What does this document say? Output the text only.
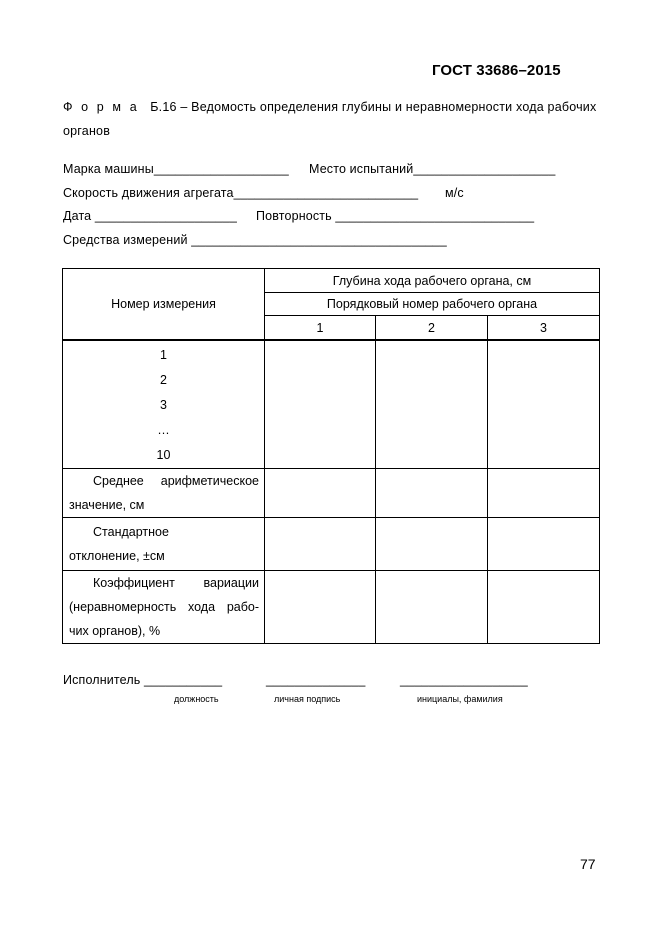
ГОСТ 33686–2015
Ф о р м а Б.16 – Ведомость определения глубины и неравномерности хода рабочих
органов
Марка машины___________________ Место испытаний____________________
Скорость движения агрегата__________________________ м/с
Дата ____________________ Повторность ____________________________
Средства измерений ____________________________________
Номер измерения	Глубина хода рабочего органа, см		
	Порядковый номер рабочего органа		
	1	2	3

1
2
3
…
10			

Среднее арифметическое
значение, см			

Стандартное
отклонение, ±см			

Коэффициент вариации
(неравномерность хода рабо-
чих органов), %			

Исполнитель ___________	______________	__________________
должность	личная подпись	инициалы, фамилия
77
